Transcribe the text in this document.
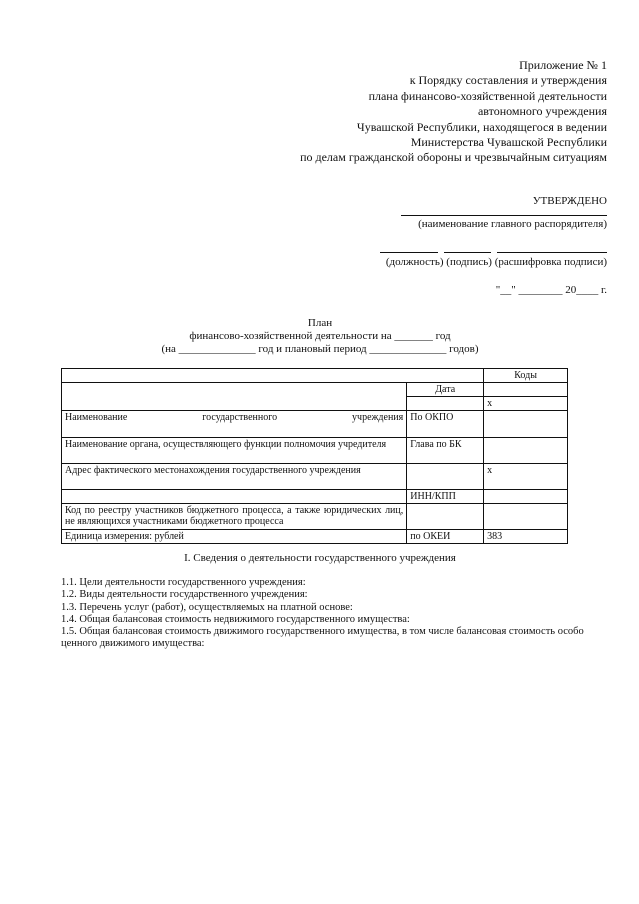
Приложение № 1
к Порядку составления и утверждения
плана финансово-хозяйственной деятельности
автономного учреждения
Чувашской Республики, находящегося в ведении
Министерства Чувашской Республики
по делам гражданской обороны и чрезвычайным ситуациям
УТВЕРЖДЕНО
(наименование главного распорядителя)
(должность) (подпись) (расшифровка подписи)
"__" ________ 20____ г.
План
финансово-хозяйственной деятельности на _______ год
(на ______________ год и плановый период ______________ годов)
		Коды
	Дата	
		x
Наименование государственного учреждения	По ОКПО	
Наименование органа, осуществляющего функции полномочия учредителя	Глава по БК	
Адрес фактического местонахождения государственного учреждения		x
	ИНН/КПП	
Код по реестру участников бюджетного процесса, а также юридических лиц, не являющихся участниками бюджетного процесса		
Единица измерения: рублей	по ОКЕИ	383
I. Сведения о деятельности государственного учреждения
1.1. Цели деятельности государственного учреждения:
1.2. Виды деятельности государственного учреждения:
1.3. Перечень услуг (работ), осуществляемых на платной основе:
1.4. Общая балансовая стоимость недвижимого государственного имущества:
1.5. Общая балансовая стоимость движимого государственного имущества, в том числе балансовая стоимость особо
ценного движимого имущества:
